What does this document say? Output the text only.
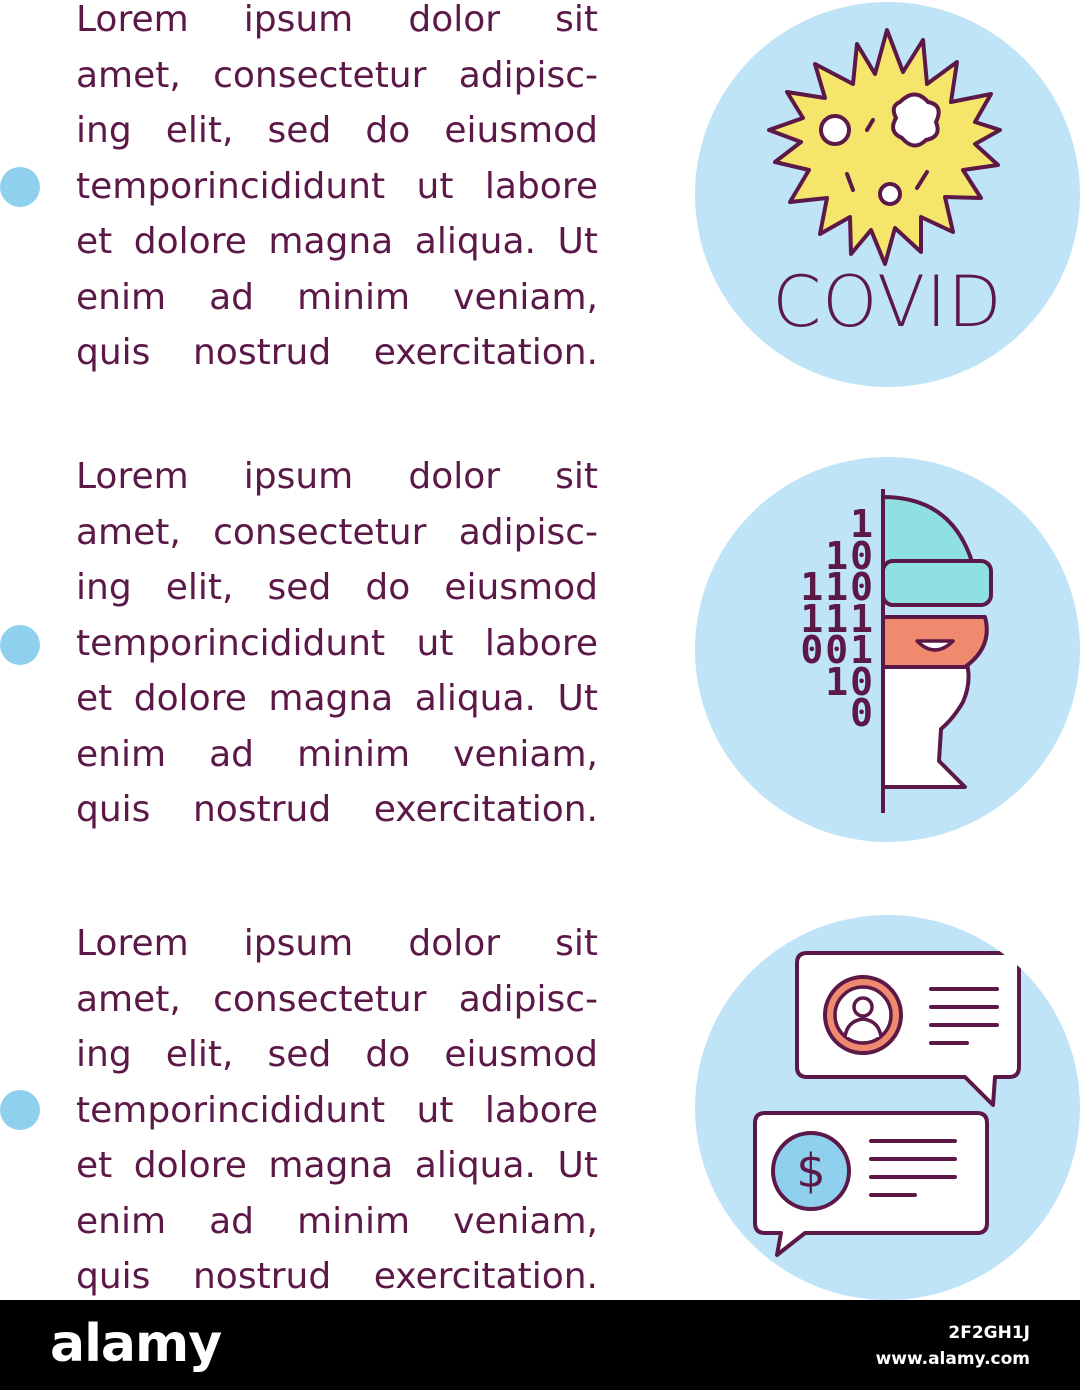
Lorem ipsum dolor sit
amet, consectetur adipisc-
ing elit, sed do eiusmod
temporincididunt ut labore
et dolore magna aliqua. Ut
enim ad minim veniam,
quis nostrud exercitation.

COVID

Lorem ipsum dolor sit
amet, consectetur adipisc-
ing elit, sed do eiusmod
temporincididunt ut labore
et dolore magna aliqua. Ut
enim ad minim veniam,
quis nostrud exercitation.

1
10
110
111
001
10
0

Lorem ipsum dolor sit
amet, consectetur adipisc-
ing elit, sed do eiusmod
temporincididunt ut labore
et dolore magna aliqua. Ut
enim ad minim veniam,
quis nostrud exercitation.

$
alamy	2F2GH1J
www.alamy.com
